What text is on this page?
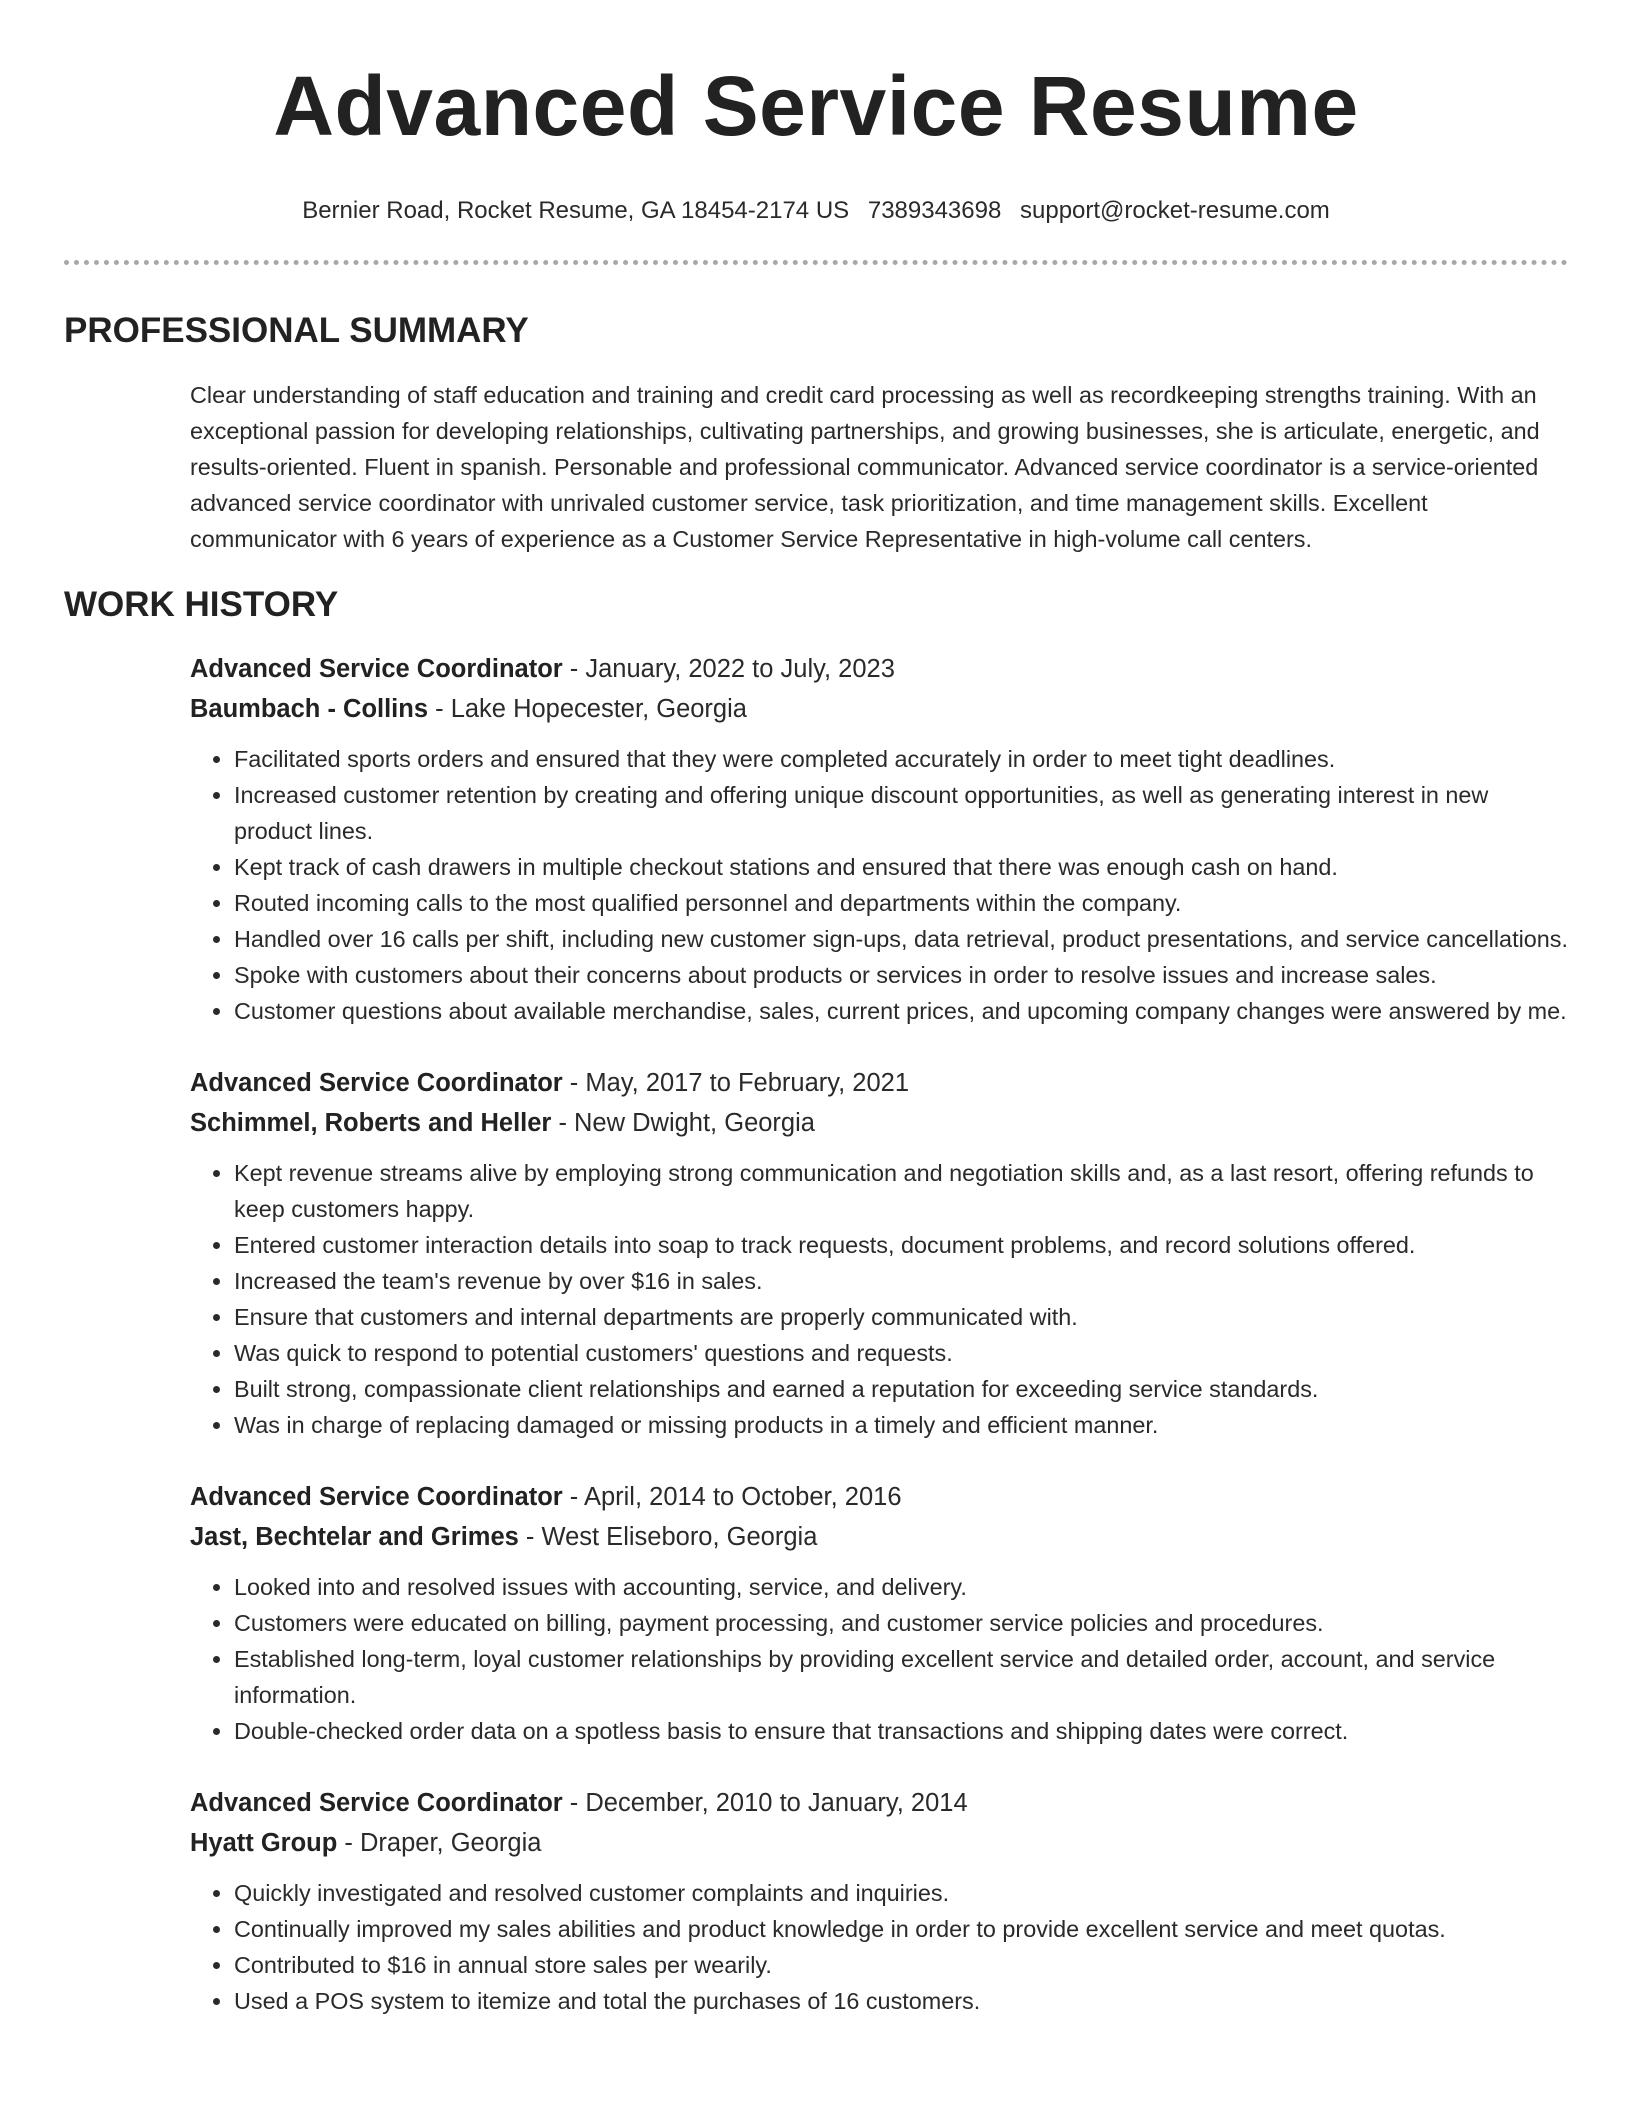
Advanced Service Resume
Bernier Road, Rocket Resume, GA 18454-2174 US 7389343698 support@rocket-resume.com
PROFESSIONAL SUMMARY
Clear understanding of staff education and training and credit card processing as well as recordkeeping strengths training. With an exceptional passion for developing relationships, cultivating partnerships, and growing businesses, she is articulate, energetic, and results-oriented. Fluent in spanish. Personable and professional communicator. Advanced service coordinator is a service-oriented advanced service coordinator with unrivaled customer service, task prioritization, and time management skills. Excellent communicator with 6 years of experience as a Customer Service Representative in high-volume call centers.
WORK HISTORY
Advanced Service Coordinator - January, 2022 to July, 2023
Baumbach - Collins - Lake Hopecester, Georgia
• Facilitated sports orders and ensured that they were completed accurately in order to meet tight deadlines.
• Increased customer retention by creating and offering unique discount opportunities, as well as generating interest in new product lines.
• Kept track of cash drawers in multiple checkout stations and ensured that there was enough cash on hand.
• Routed incoming calls to the most qualified personnel and departments within the company.
• Handled over 16 calls per shift, including new customer sign-ups, data retrieval, product presentations, and service cancellations.
• Spoke with customers about their concerns about products or services in order to resolve issues and increase sales.
• Customer questions about available merchandise, sales, current prices, and upcoming company changes were answered by me.
Advanced Service Coordinator - May, 2017 to February, 2021
Schimmel, Roberts and Heller - New Dwight, Georgia
• Kept revenue streams alive by employing strong communication and negotiation skills and, as a last resort, offering refunds to keep customers happy.
• Entered customer interaction details into soap to track requests, document problems, and record solutions offered.
• Increased the team's revenue by over $16 in sales.
• Ensure that customers and internal departments are properly communicated with.
• Was quick to respond to potential customers' questions and requests.
• Built strong, compassionate client relationships and earned a reputation for exceeding service standards.
• Was in charge of replacing damaged or missing products in a timely and efficient manner.
Advanced Service Coordinator - April, 2014 to October, 2016
Jast, Bechtelar and Grimes - West Eliseboro, Georgia
• Looked into and resolved issues with accounting, service, and delivery.
• Customers were educated on billing, payment processing, and customer service policies and procedures.
• Established long-term, loyal customer relationships by providing excellent service and detailed order, account, and service information.
• Double-checked order data on a spotless basis to ensure that transactions and shipping dates were correct.
Advanced Service Coordinator - December, 2010 to January, 2014
Hyatt Group - Draper, Georgia
• Quickly investigated and resolved customer complaints and inquiries.
• Continually improved my sales abilities and product knowledge in order to provide excellent service and meet quotas.
• Contributed to $16 in annual store sales per wearily.
• Used a POS system to itemize and total the purchases of 16 customers.
